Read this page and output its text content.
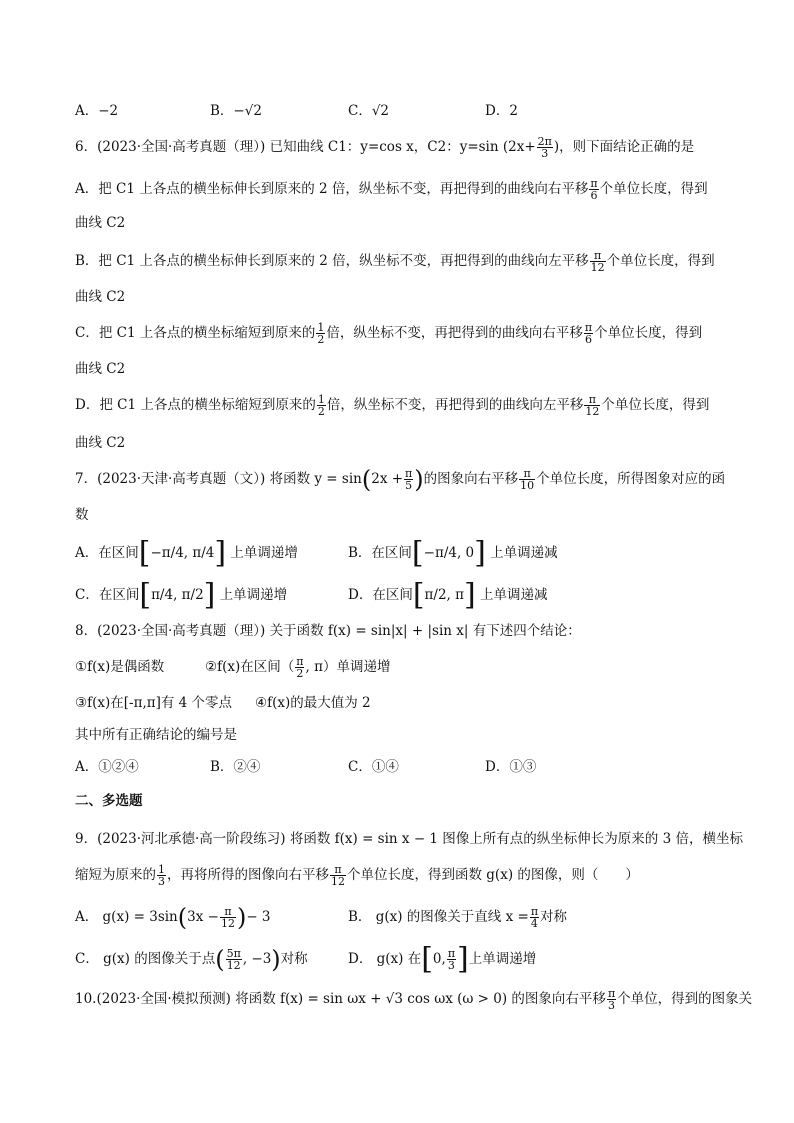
A．−2	B．−√2	C．√2	D．2
6．(2023·全国·高考真题（理）) 已知曲线 C1：y=cos x，C2：y=sin ($2x+ \frac{2\pi}{3}$ )，则下面结论正确的是
A．把 C1 上各点的横坐标伸长到原来的 2 倍，纵坐标不变，再把得到的曲线向右平移 $\frac{\pi}{6}$ 个单位长度，得到
曲线 C2
B．把 C1 上各点的横坐标伸长到原来的 2 倍，纵坐标不变，再把得到的曲线向左平移 $\frac{\pi}{12}$ 个单位长度，得到
曲线 C2
C．把 C1 上各点的横坐标缩短到原来的 $\frac{1}{2}$ 倍，纵坐标不变，再把得到的曲线向右平移 $\frac{\pi}{6}$ 个单位长度，得到
曲线 C2
D．把 C1 上各点的横坐标缩短到原来的 $\frac{1}{2}$ 倍，纵坐标不变，再把得到的曲线向左平移 $\frac{\pi}{12}$ 个单位长度，得到
曲线 C2
7．(2023·天津·高考真题（文）) 将函数 $y = \sin(2x + \frac{\pi}{5}$ )的图象向右平移 $\frac{\pi}{10}$ 个单位长度，所得图象对应的函
数
A．在区间[−π/4, π/4] 上单调递增	B．在区间[−π/4, 0] 上单调递减
C．在区间[π/4, π/2] 上单调递增	D．在区间[π/2, π] 上单调递减
8．(2023·全国·高考真题（理）) 关于函数 f(x) = sin|x| + |sin x| 有下述四个结论：
①f(x)是偶函数	②f(x)在区间（ $\frac{\pi}{2}$ , π）单调递增
③f(x)在[-π,π]有 4 个零点 ④f(x)的最大值为 2
其中所有正确结论的编号是
A．①②④	B．②④	C．①④	D．①③
二、多选题
9．(2023·河北承德·高一阶段练习) 将函数 f(x) = sin x − 1 图像上所有点的纵坐标伸长为原来的 3 倍，横坐标
缩短为原来的 $\frac{1}{3}$ ，再将所得的图像向右平移 $\frac{\pi}{12}$ 个单位长度，得到函数 g(x) 的图像，则（　　）
A． $g(x) = 3\sin(3x - \frac{\pi}{12}$ )− 3	B． g(x) 的图像关于直线 $x = \frac{\pi}{4}$ 对称
C． g(x) 的图像关于点( $\frac{5\pi}{12}$ , −3)对称	D． g(x) 在[0, $\frac{\pi}{3}$ ]上单调递增
10.(2023·全国·模拟预测) 将函数 f(x) = sin ωx + √3 cos ωx (ω > 0) 的图象向右平移 $\frac{\pi}{3}$ 个单位，得到的图象关
